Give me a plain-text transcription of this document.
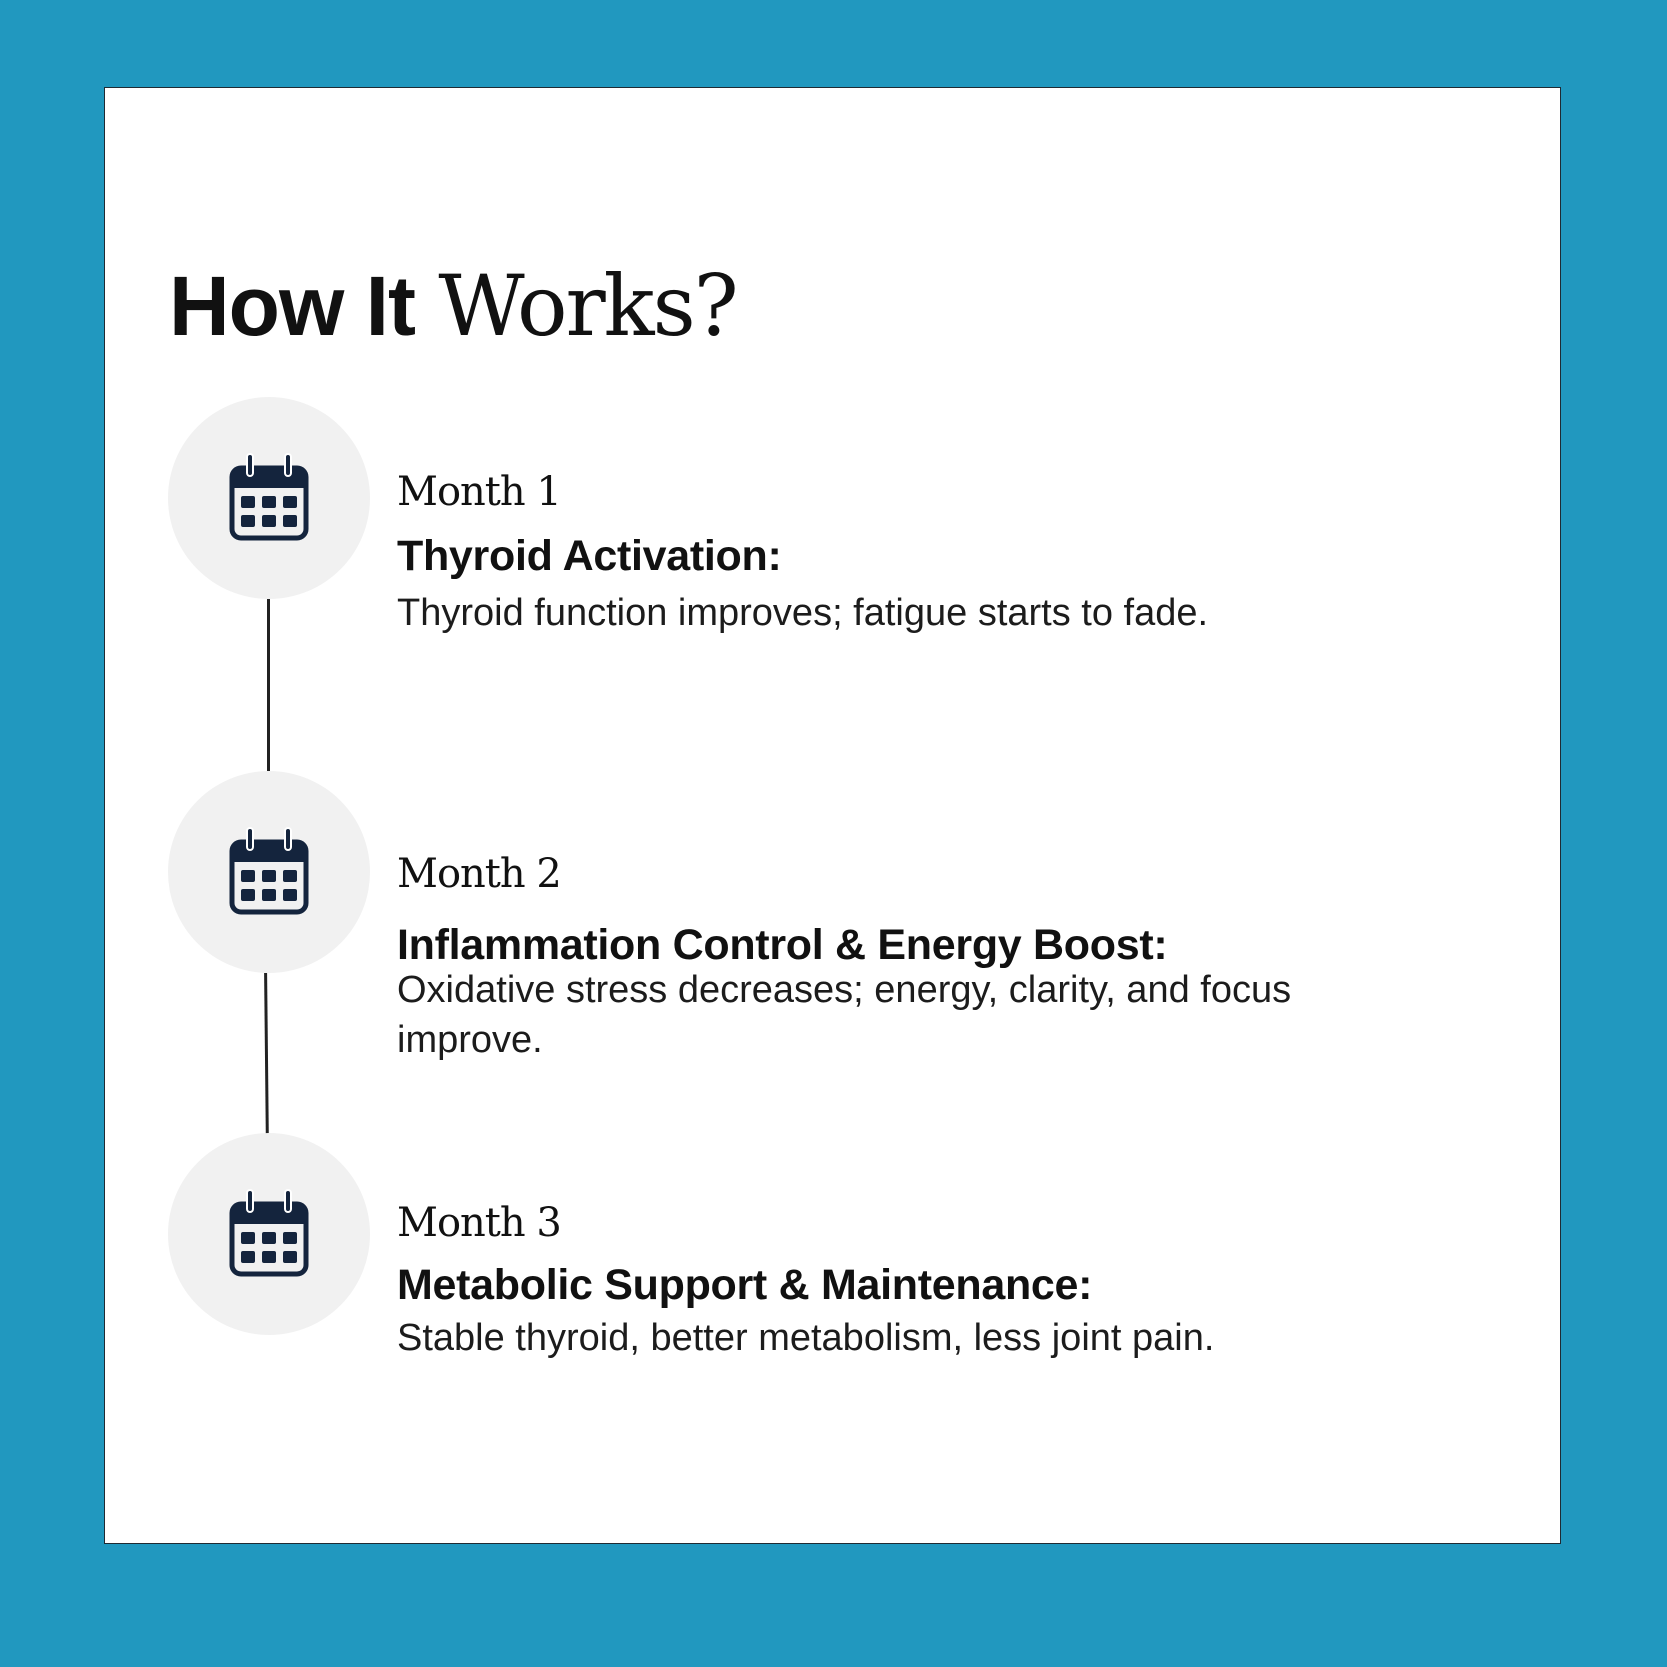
How It Works?
Month 1
Thyroid Activation:

Thyroid function improves; fatigue starts to fade.

Month 2
Inflammation Control & Energy Boost:

Oxidative stress decreases; energy, clarity, and focus improve.

Month 3
Metabolic Support & Maintenance:

Stable thyroid, better metabolism, less joint pain.
